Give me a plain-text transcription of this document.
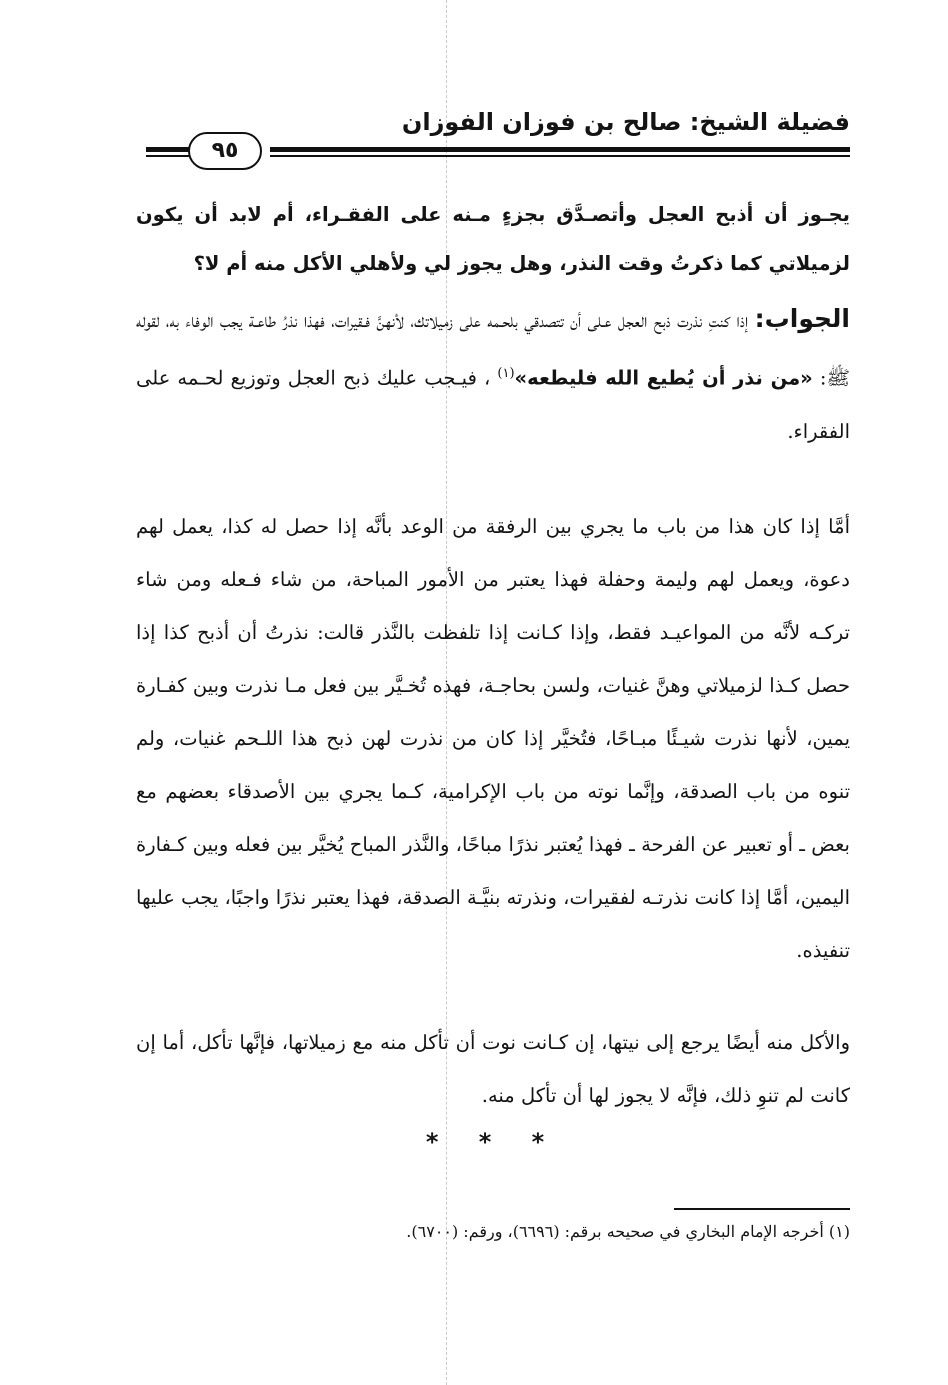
فضيلة الشيخ: صالح بن فوزان الفوزان
٩٥
يجـوز أن أذبح العجل وأتصـدَّق بجزءٍ مـنه على الفقـراء، أم لابد أن يكون لزميلاتي كما ذكرتُ وقت النذر، وهل يجوز لي ولأهلي الأكل منه أم لا؟
الجواب: إذا كنتِ نذرت ذبح العجل عـلى أن تتصدقي بلحـمه على زميلاتك، لأنهنَّ فـقيرات، فهذا نذرُ طاعـة يجب الوفاء به، لقوله ﷺ: «من نذر أن يُطيع الله فليطعه»$^{(١)}$ ، فيـجب عليك ذبح العجل وتوزيع لحـمه على الفقراء.
أمَّا إذا كان هذا من باب ما يجري بين الرفقة من الوعد بأنَّه إذا حصل له كذا، يعمل لهم دعوة، ويعمل لهم وليمة وحفلة فهذا يعتبر من الأمور المباحة، من شاء فـعله ومن شاء تركـه لأنَّه من المواعيـد فقط، وإذا كـانت إذا تلفظت بالنَّذر قالت: نذرتُ أن أذبح كذا إذا حصل كـذا لزميلاتي وهنَّ غنيات، ولسن بحاجـة، فهذه تُخـيَّر بين فعل مـا نذرت وبين كفـارة يمين، لأنها نذرت شيـئًا مبـاحًا، فتُخيَّر إذا كان من نذرت لهن ذبح هذا اللـحم غنيات، ولم تنوه من باب الصدقة، وإنَّما نوته من باب الإكرامية، كـما يجري بين الأصدقاء بعضهم مع بعض ـ أو تعبير عن الفرحة ـ فهذا يُعتبر نذرًا مباحًا، والنَّذر المباح يُخيَّر بين فعله وبين كـفارة اليمين، أمَّا إذا كانت نذرتـه لفقيرات، ونذرته بنيَّـة الصدقة، فهذا يعتبر نذرًا واجبًا، يجب عليها تنفيذه.
والأكل منه أيضًا يرجع إلى نيتها، إن كـانت نوت أن تأكل منه مع زميلاتها، فإنَّها تأكل، أما إن كانت لم تنوِ ذلك، فإنَّه لا يجوز لها أن تأكل منه.
* * *
(١) أخرجه الإمام البخاري في صحيحه برقم: (٦٦٩٦)، ورقم: (٦٧٠٠).
